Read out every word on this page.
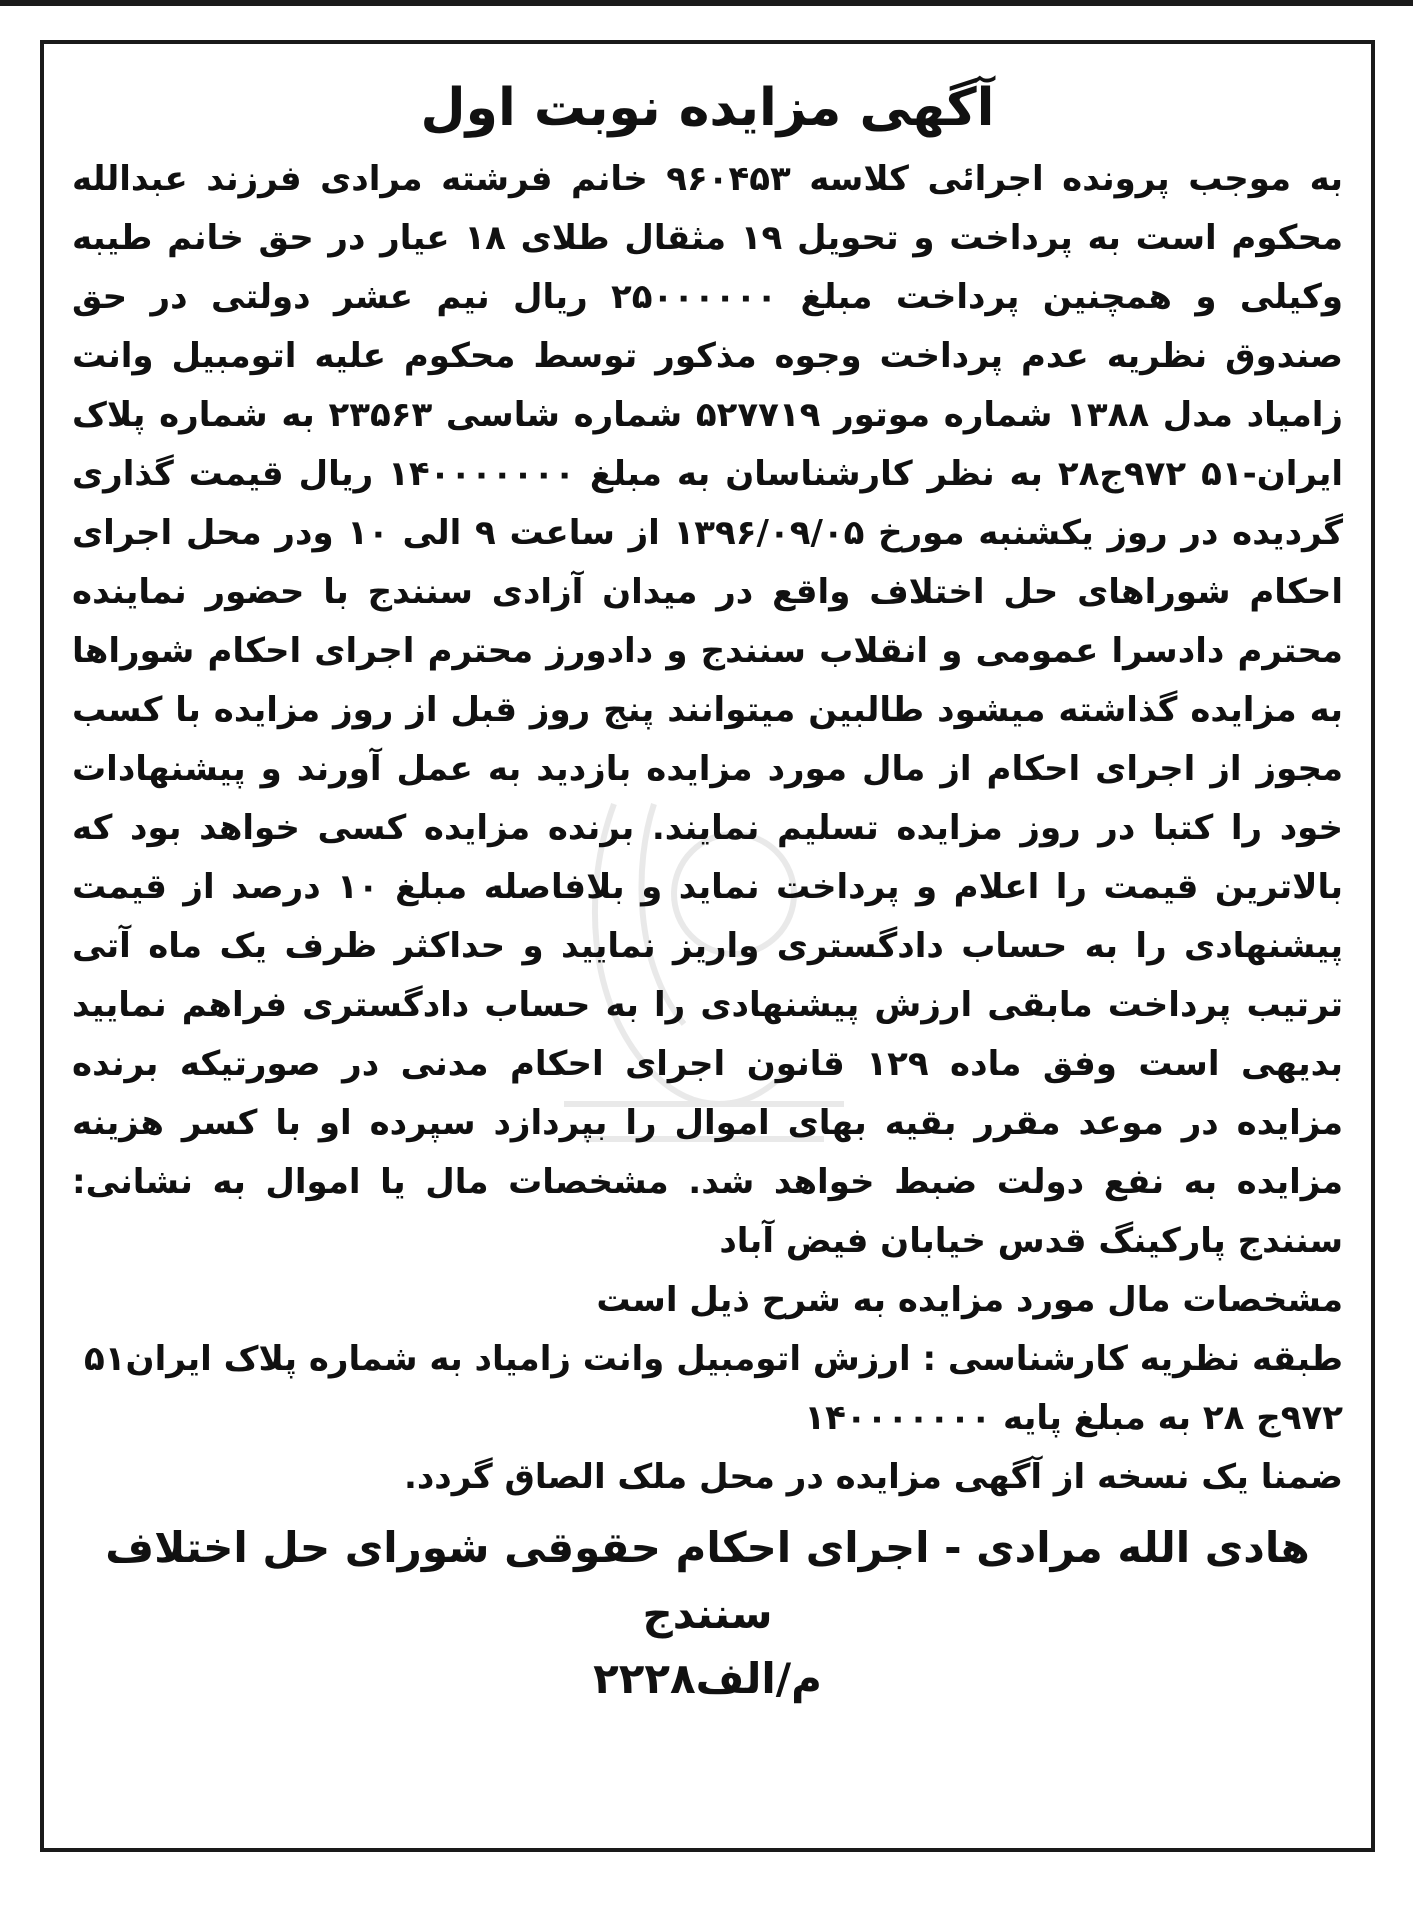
آگهی مزایده نوبت اول

به موجب پرونده اجرائی کلاسه ۹۶۰۴۵۳ خانم فرشته مرادی فرزند عبدالله محکوم است به پرداخت و تحویل ۱۹ مثقال طلای ۱۸ عیار در حق خانم طیبه وکیلی و همچنین پرداخت مبلغ ۲۵۰۰۰۰۰۰ ریال نیم عشر دولتی در حق صندوق نظریه عدم پرداخت وجوه مذکور توسط محکوم علیه اتومبیل وانت زامیاد مدل ۱۳۸۸ شماره موتور ۵۲۷۷۱۹ شماره شاسی ۲۳۵۶۳ به شماره پلاک ایران-۵۱ ۹۷۲ج۲۸ به نظر کارشناسان به مبلغ ۱۴۰۰۰۰۰۰۰ ریال قیمت گذاری گردیده در روز یکشنبه مورخ ۱۳۹۶/۰۹/۰۵ از ساعت ۹ الی ۱۰ ودر محل اجرای احکام شوراهای حل اختلاف واقع در میدان آزادی سنندج با حضور نماینده محترم دادسرا عمومی و انقلاب سنندج و دادورز محترم اجرای احکام شوراها به مزایده گذاشته میشود طالبین میتوانند پنج روز قبل از روز مزایده با کسب مجوز از اجرای احکام از مال مورد مزایده بازدید به عمل آورند و پیشنهادات خود را کتبا در روز مزایده تسلیم نمایند. برنده مزایده کسی خواهد بود که بالاترین قیمت را اعلام و پرداخت نماید و بلافاصله مبلغ ۱۰ درصد از قیمت پیشنهادی را به حساب دادگستری واریز نمایید و حداکثر ظرف یک ماه آتی ترتیب پرداخت مابقی ارزش پیشنهادی را به حساب دادگستری فراهم نمایید بدیهی است وفق ماده ۱۲۹ قانون اجرای احکام مدنی در صورتیکه برنده مزایده در موعد مقرر بقیه بهای اموال را بپردازد سپرده او با کسر هزینه مزایده به نفع دولت ضبط خواهد شد. مشخصات مال یا اموال به نشانی: سنندج پارکینگ قدس خیابان فیض آباد

مشخصات مال مورد مزایده به شرح ذیل است

طبقه نظریه کارشناسی : ارزش اتومبیل وانت زامیاد به شماره پلاک ایران۵۱

۹۷۲ج ۲۸ به مبلغ پایه ۱۴۰۰۰۰۰۰۰

ضمنا یک نسخه از آگهی مزایده در محل ملک الصاق گردد.

هادی الله مرادی - اجرای احکام حقوقی شورای حل اختلاف سنندج

م/الف۲۲۲۸
